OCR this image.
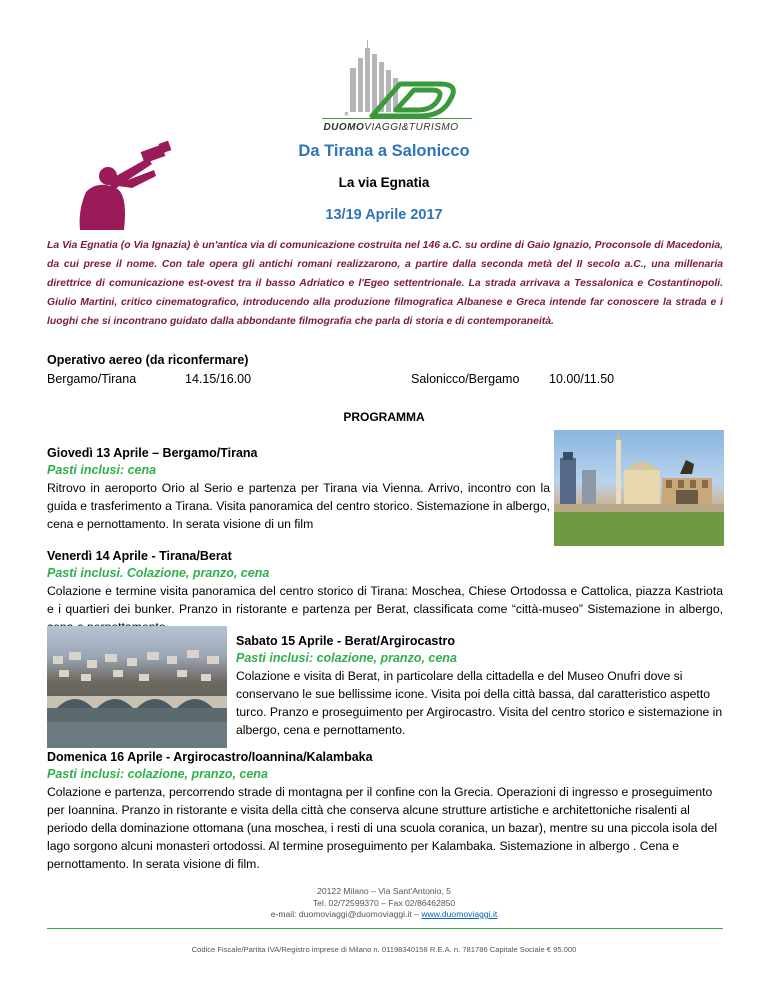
®
DUOMOVIAGGI&TURISMO
Da Tirana a Salonicco
La via Egnatia
13/19 Aprile 2017
La Via Egnatia (o Via Ignazia) è un'antica via di comunicazione costruita nel 146 a.C. su ordine di Gaio Ignazio, Proconsole di Macedonia, da cui prese il nome. Con tale opera gli antichi romani realizzarono, a partire dalla seconda metà del II secolo a.C., una millenaria direttrice di comunicazione est-ovest tra il basso Adriatico e l'Egeo settentrionale. La strada arrivava a Tessalonica e Costantinopoli. Giulio Martini, critico cinematografico, introducendo alla produzione filmografica Albanese e Greca intende far conoscere la strada e i luoghi che si incontrano guidato dalla abbondante filmografia che parla di storia e di contemporaneità.
Operativo aereo (da riconfermare)
Bergamo/Tirana	14.15/16.00	Salonicco/Bergamo 10.00/11.50
PROGRAMMA
Giovedì 13 Aprile – Bergamo/Tirana
Pasti inclusi: cena
Ritrovo in aeroporto Orio al Serio e partenza per Tirana via Vienna. Arrivo, incontro con la guida e trasferimento a Tirana. Visita panoramica del centro storico. Sistemazione in albergo, cena e pernottamento. In serata visione di un film
Venerdì 14 Aprile - Tirana/Berat
Pasti inclusi. Colazione, pranzo, cena
Colazione e termine visita panoramica del centro storico di Tirana: Moschea, Chiese Ortodossa e Cattolica, piazza Kastriota e i quartieri dei bunker. Pranzo in ristorante e partenza per Berat, classificata come “città-museo” Sistemazione in albergo,
Sabato 15 Aprile - Berat/Argirocastro
Pasti inclusi: colazione, pranzo, cena
Colazione e visita di Berat, in particolare della cittadella e del Museo Onufri dove si conservano le sue bellissime icone. Visita poi della città bassa, dal caratteristico aspetto turco. Pranzo e proseguimento per Argirocastro. Visita del centro storico e sistemazione in albergo, cena e pernottamento.
Domenica 16 Aprile - Argirocastro/Ioannina/Kalambaka
Pasti inclusi: colazione, pranzo, cena
Colazione e partenza, percorrendo strade di montagna per il confine con la Grecia. Operazioni di ingresso e proseguimento per Ioannina. Pranzo in ristorante e visita della città che conserva alcune strutture artistiche e architettoniche risalenti al periodo della dominazione ottomana (una moschea, i resti di una scuola coranica, un bazar), mentre su una piccola isola del lago sorgono alcuni monasteri ortodossi. Al termine proseguimento per Kalambaka. Sistemazione in albergo . Cena e pernottamento. In serata visione di film.
20122 Milano – Via Sant'Antonio, 5
Tel. 02/72599370 – Fax 02/86462850
e-mail: duomoviaggi@duomoviaggi.it – www.duomoviaggi.it
Codice Fiscale/Partita IVA/Registro imprese di Milano n. 01198340158 R.E.A. n. 781786 Capitale Sociale € 95.000
